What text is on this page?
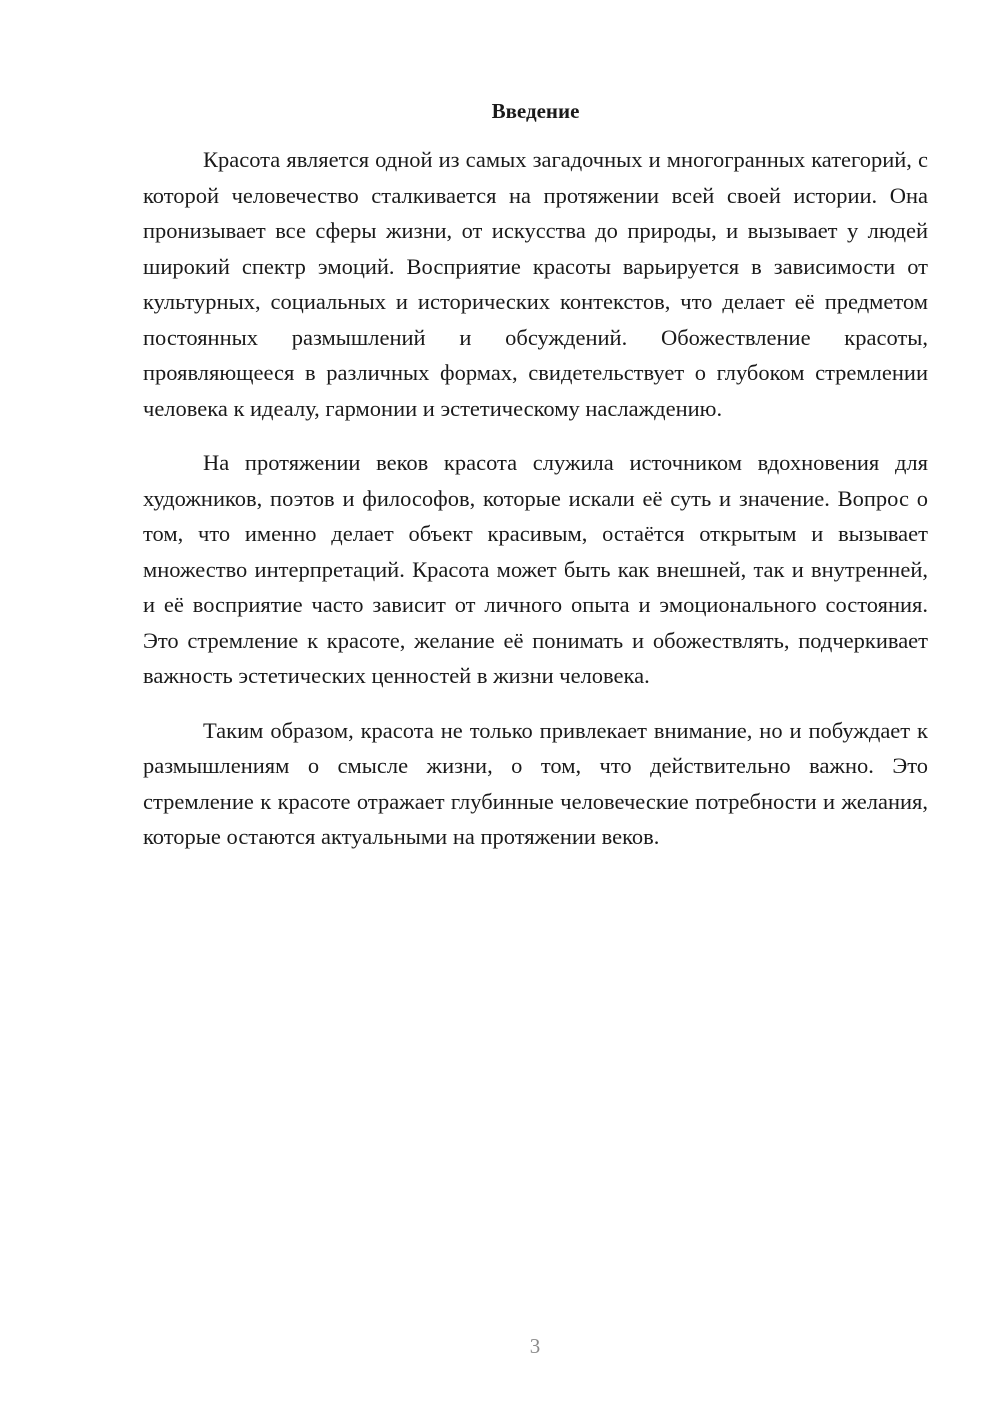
Введение

Красота является одной из самых загадочных и многогранных категорий, с которой человечество сталкивается на протяжении всей своей истории. Она пронизывает все сферы жизни, от искусства до природы, и вызывает у людей широкий спектр эмоций. Восприятие красоты варьируется в зависимости от культурных, социальных и исторических контекстов, что делает её предметом постоянных размышлений и обсуждений. Обожествление красоты, проявляющееся в различных формах, свидетельствует о глубоком стремлении человека к идеалу, гармонии и эстетическому наслаждению.

На протяжении веков красота служила источником вдохновения для художников, поэтов и философов, которые искали её суть и значение. Вопрос о том, что именно делает объект красивым, остаётся открытым и вызывает множество интерпретаций. Красота может быть как внешней, так и внутренней, и её восприятие часто зависит от личного опыта и эмоционального состояния. Это стремление к красоте, желание её понимать и обожествлять, подчеркивает важность эстетических ценностей в жизни человека.

Таким образом, красота не только привлекает внимание, но и побуждает к размышлениям о смысле жизни, о том, что действительно важно. Это стремление к красоте отражает глубинные человеческие потребности и желания, которые остаются актуальными на протяжении веков.

3
